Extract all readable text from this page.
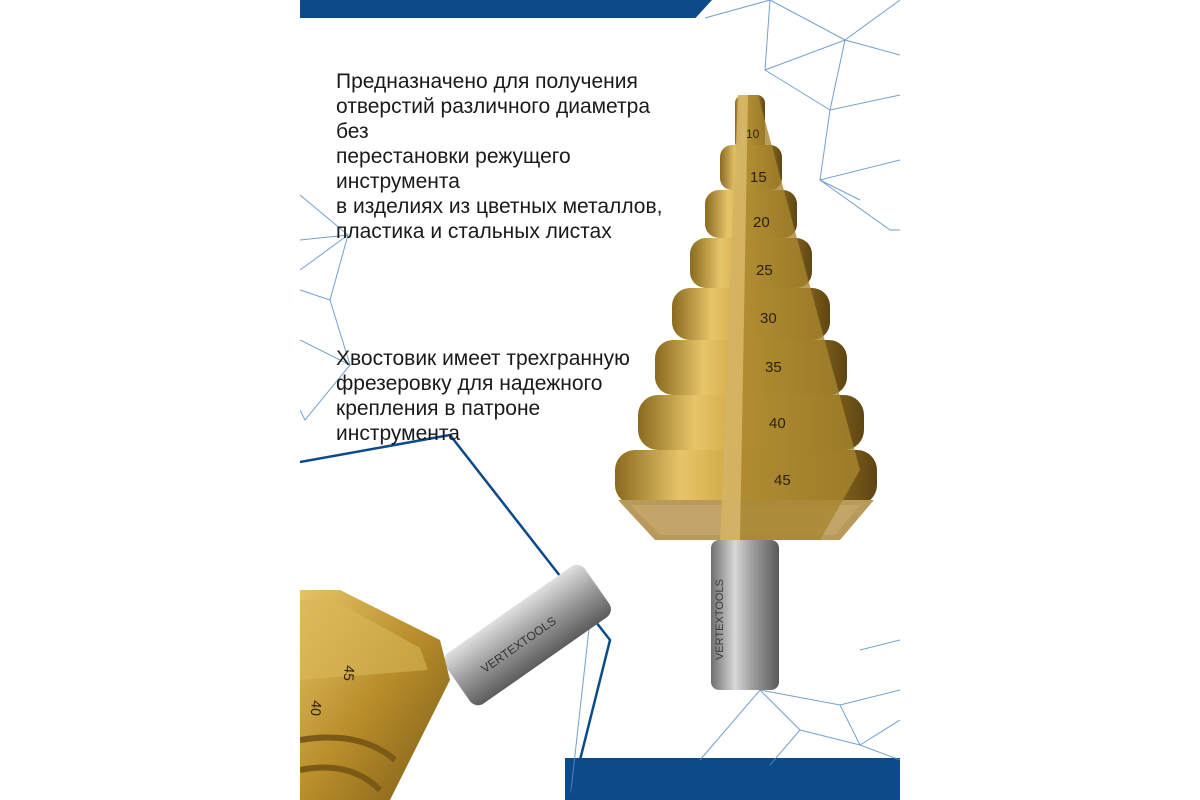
Предназначено для получения
отверстий различного диаметра без
перестановки режущего инструмента
в изделиях из цветных металлов,
пластика и стальных листах
Хвостовик имеет трехгранную
фрезеровку для надежного
крепления в патроне инструмента
VERTEXTOOLS
10
15
20
25
30
35
40
45
VERTEXTOOLS
45
40
